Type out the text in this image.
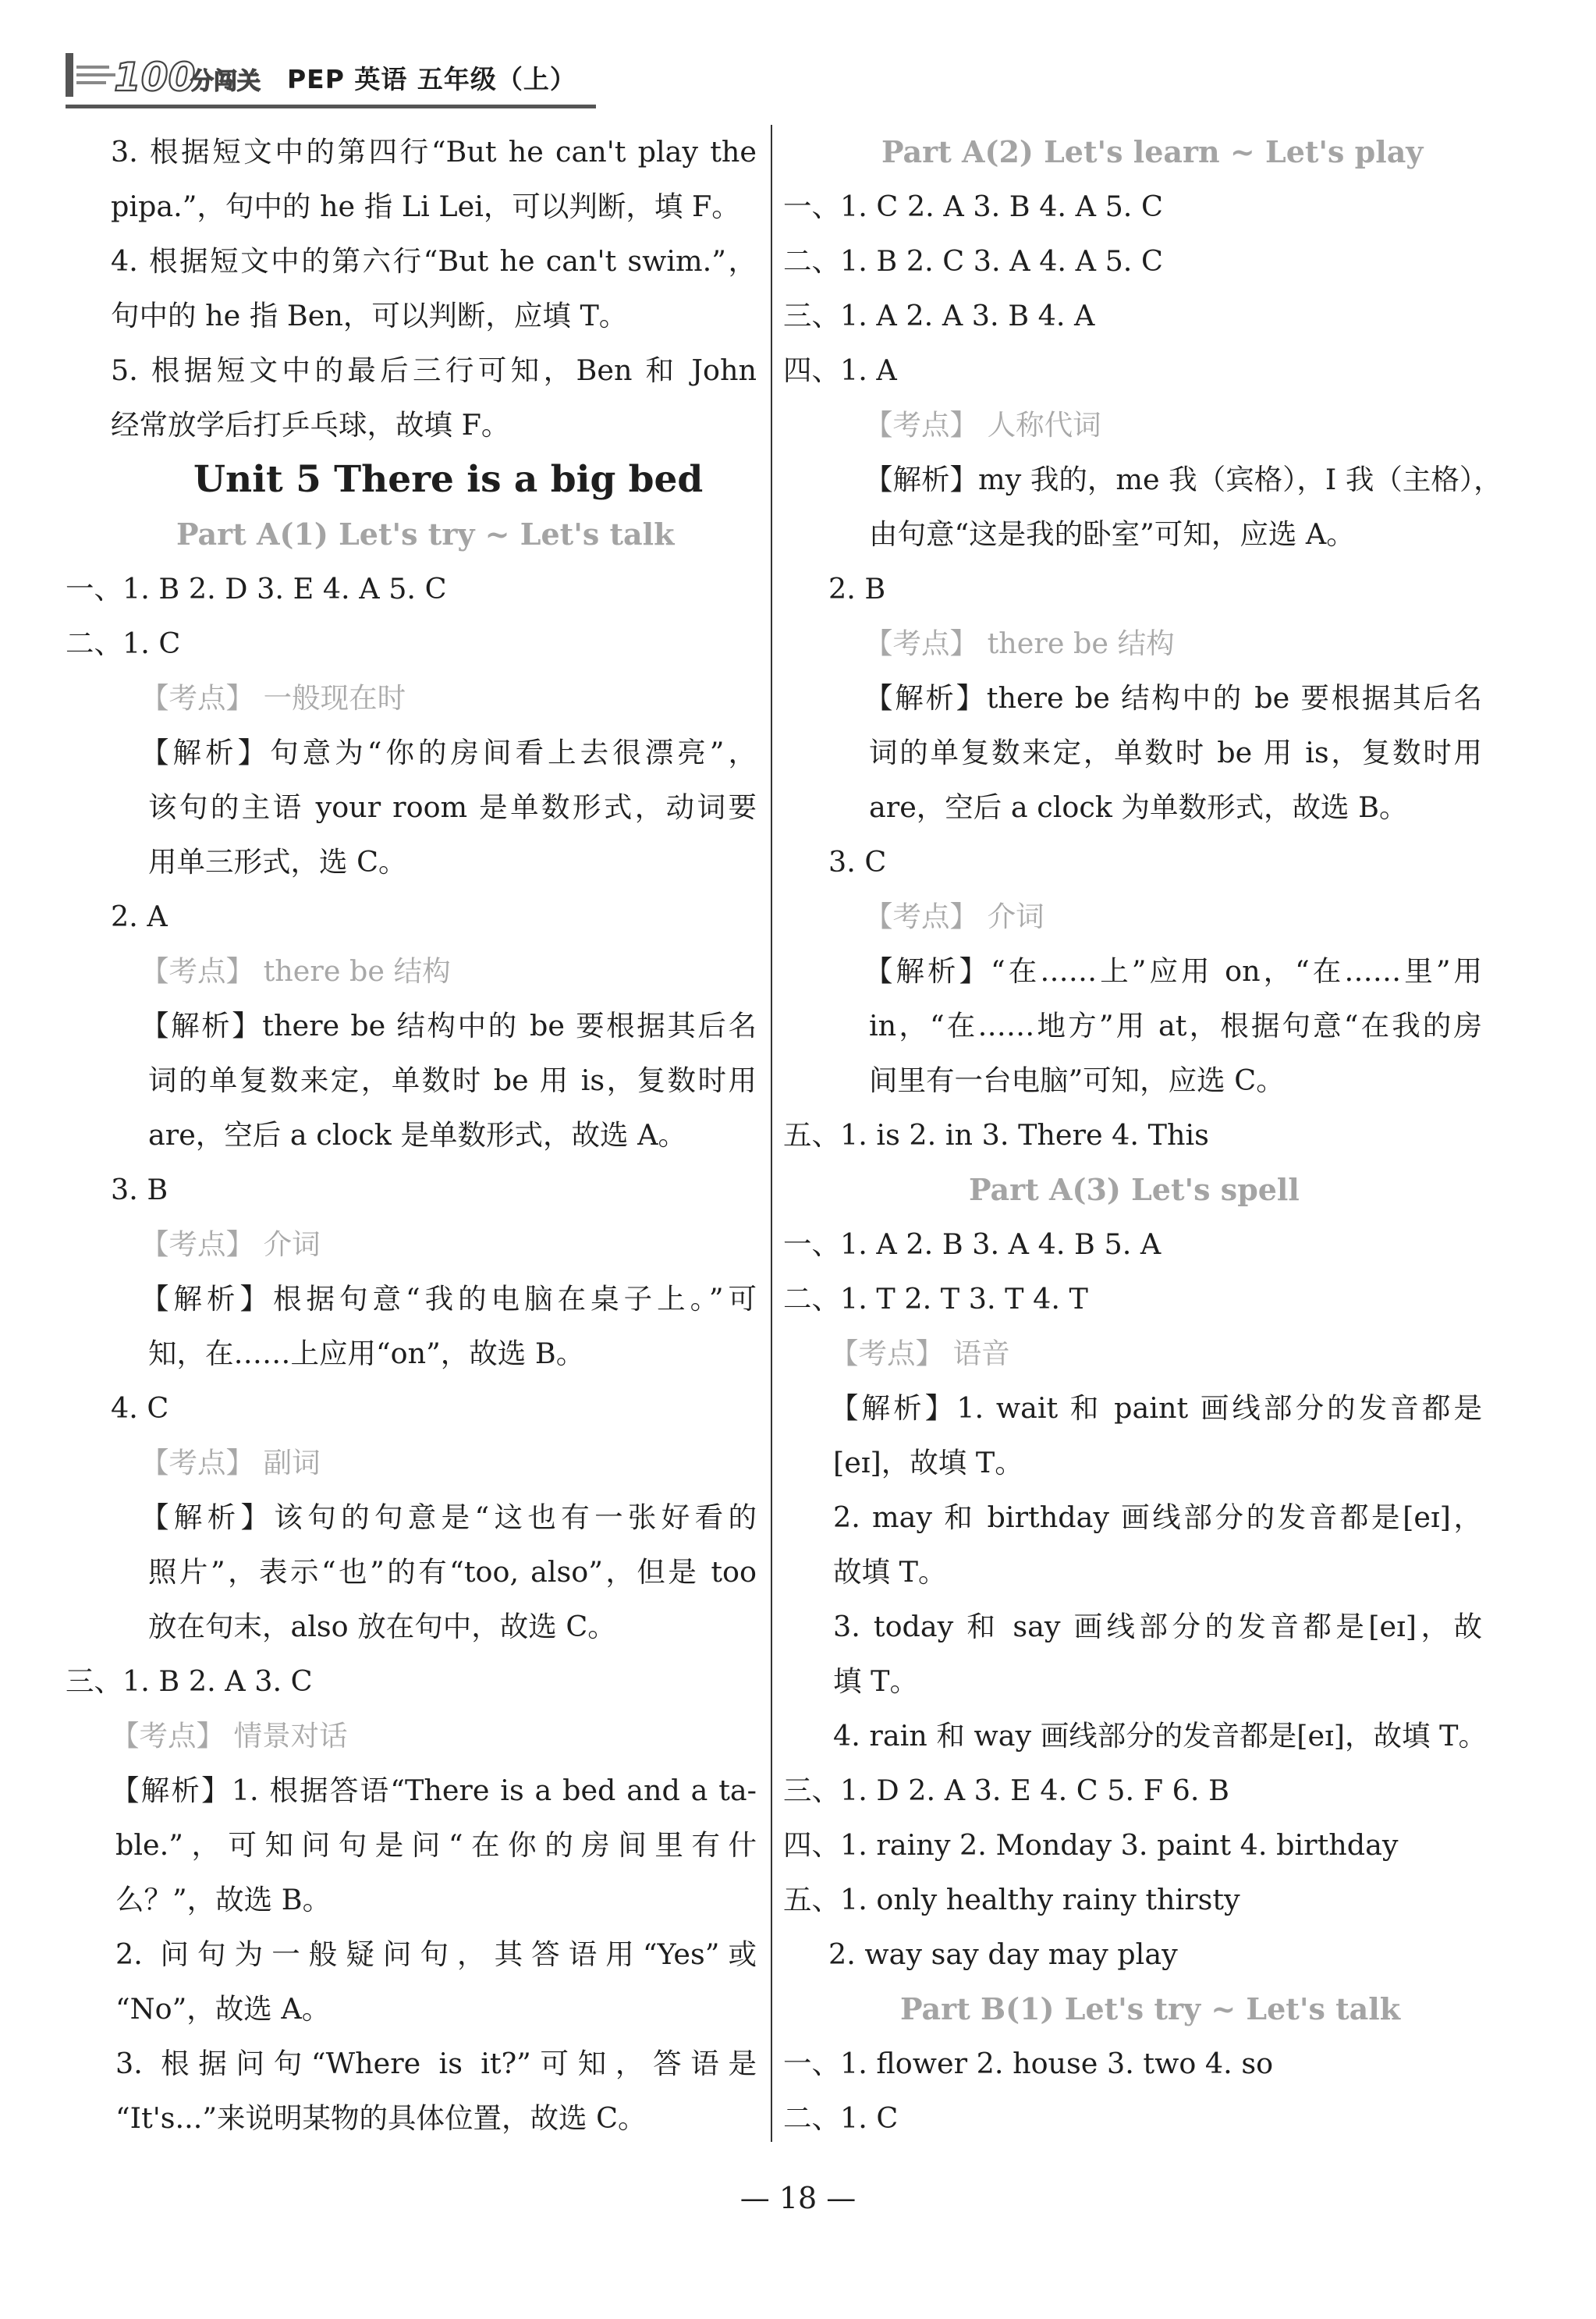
100
分闯关 PEP 英语 五年级（上）
3. 根据短文中的第四行“But he can't play the
pipa.”，句中的 he 指 Li Lei，可以判断，填 F。
4. 根据短文中的第六行“But he can't swim.”，
句中的 he 指 Ben，可以判断，应填 T。
5. 根据短文中的最后三行可知，Ben 和 John
经常放学后打乒乓球，故填 F。
Unit 5 There is a big bed
Part A(1) Let's try ~ Let's talk
一、1. B 2. D 3. E 4. A 5. C
二、1. C
【考点】 一般现在时
【解析】句意为“你的房间看上去很漂亮”，
该句的主语 your room 是单数形式，动词要
用单三形式，选 C。
2. A
【考点】 there be 结构
【解析】there be 结构中的 be 要根据其后名
词的单复数来定，单数时 be 用 is，复数时用
are，空后 a clock 是单数形式，故选 A。
3. B
【考点】 介词
【解析】根据句意“我的电脑在桌子上。”可
知，在……上应用“on”，故选 B。
4. C
【考点】 副词
【解析】该句的句意是“这也有一张好看的
照片”，表示“也”的有“too, also”，但是 too
放在句末，also 放在句中，故选 C。
三、1. B 2. A 3. C
【考点】 情景对话
【解析】1. 根据答语“There is a bed and a ta-
ble.”，可知问句是问“在你的房间里有什
么？”，故选 B。
2. 问句为一般疑问句，其答语用“Yes”或
“No”，故选 A。
3. 根据问句“Where is it?”可知，答语是
“It's...”来说明某物的具体位置，故选 C。
Part A(2) Let's learn ~ Let's play
一、1. C 2. A 3. B 4. A 5. C
二、1. B 2. C 3. A 4. A 5. C
三、1. A 2. A 3. B 4. A
四、1. A
【考点】 人称代词
【解析】my 我的，me 我（宾格），I 我（主格），
由句意“这是我的卧室”可知，应选 A。
2. B
【考点】 there be 结构
【解析】there be 结构中的 be 要根据其后名
词的单复数来定，单数时 be 用 is，复数时用
are，空后 a clock 为单数形式，故选 B。
3. C
【考点】 介词
【解析】“在……上”应用 on，“在……里”用
in，“在……地方”用 at，根据句意“在我的房
间里有一台电脑”可知，应选 C。
五、1. is 2. in 3. There 4. This
Part A(3) Let's spell
一、1. A 2. B 3. A 4. B 5. A
二、1. T 2. T 3. T 4. T
【考点】 语音
【解析】1. wait 和 paint 画线部分的发音都是
[eɪ]，故填 T。
2. may 和 birthday 画线部分的发音都是[eɪ]，
故填 T。
3. today 和 say 画线部分的发音都是[eɪ]，故
填 T。
4. rain 和 way 画线部分的发音都是[eɪ]，故填 T。
三、1. D 2. A 3. E 4. C 5. F 6. B
四、1. rainy 2. Monday 3. paint 4. birthday
五、1. only healthy rainy thirsty
2. way say day may play
Part B(1) Let's try ~ Let's talk
一、1. flower 2. house 3. two 4. so
二、1. C
— 18 —
